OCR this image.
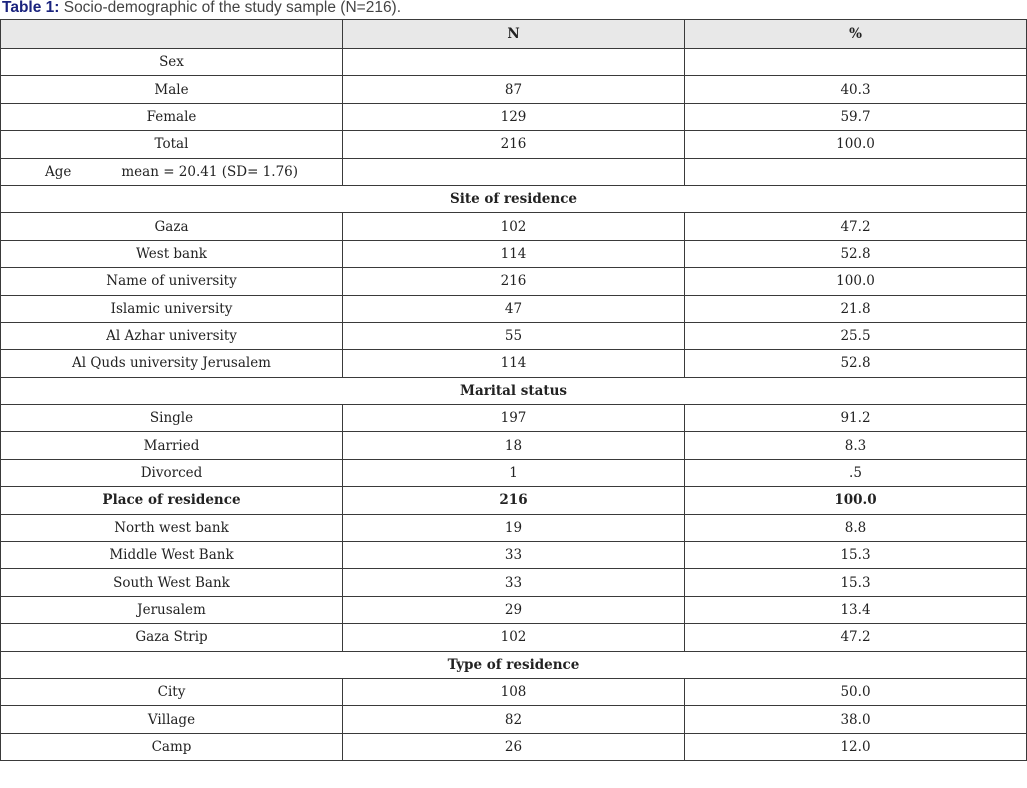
Table 1: Socio-demographic of the study sample (N=216).
	N	%
Sex		
Male	87	40.3
Female	129	59.7
Total	216	100.0
Age mean = 20.41 (SD= 1.76)		
Site of residence		
Gaza	102	47.2
West bank	114	52.8
Name of university	216	100.0
Islamic university	47	21.8
Al Azhar university	55	25.5
Al Quds university Jerusalem	114	52.8
Marital status		
Single	197	91.2
Married	18	8.3
Divorced	1	.5
Place of residence	216	100.0
North west bank	19	8.8
Middle West Bank	33	15.3
South West Bank	33	15.3
Jerusalem	29	13.4
Gaza Strip	102	47.2
Type of residence		
City	108	50.0
Village	82	38.0
Camp	26	12.0
